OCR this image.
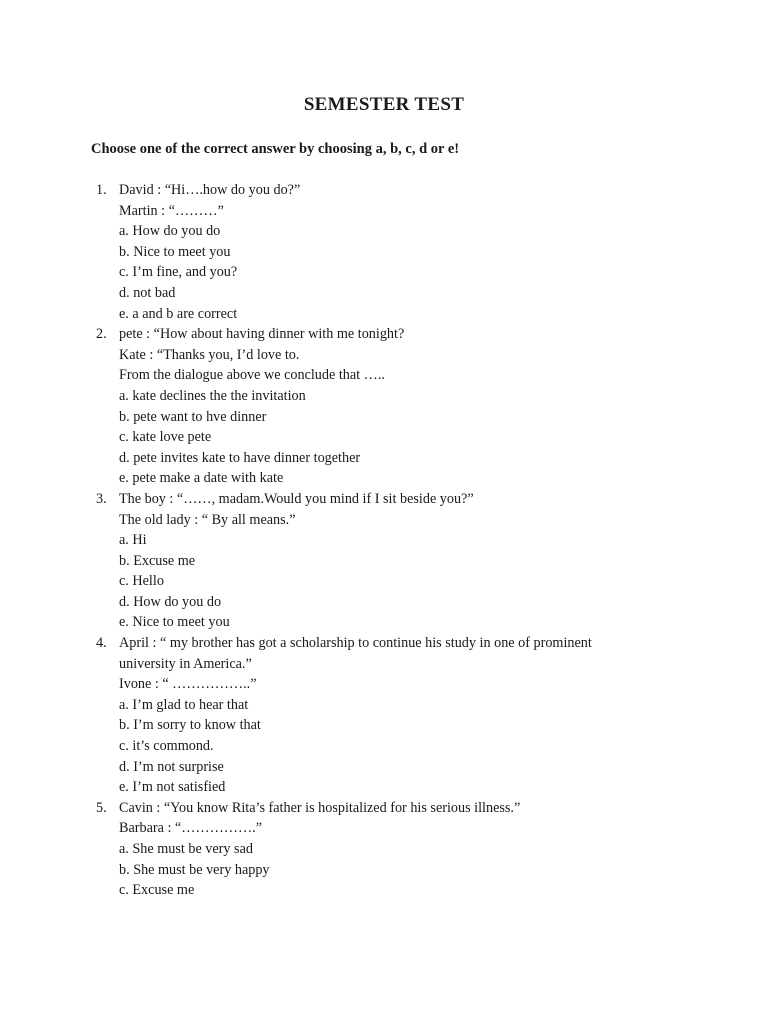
SEMESTER TEST
Choose one of the correct answer by choosing a, b, c, d or e!
1. David : “Hi….how do you do?”
Martin : “………”
a. How do you do
b. Nice to meet you
c. I’m fine, and you?
d. not bad
e. a and b are correct
2. pete : “How about having dinner with me tonight?
Kate : “Thanks you, I’d love to.
From the dialogue above we conclude that …..
a. kate declines the the invitation
b. pete want to hve dinner
c. kate love pete
d. pete invites kate to have dinner together
e. pete make a date with kate
3. The boy : “……, madam.Would you mind if I sit beside you?”
The old lady : “ By all means.”
a. Hi
b. Excuse me
c. Hello
d. How do you do
e. Nice to meet you
4. April : “ my brother has got a scholarship to continue his study in one of prominent
university in America.”
Ivone : “ ……………..”
a. I’m glad to hear that
b. I’m sorry to know that
c. it’s commond.
d. I’m not surprise
e. I’m not satisfied
5. Cavin : “You know Rita’s father is hospitalized for his serious illness.”
Barbara : “…………….”
a. She must be very sad
b. She must be very happy
c. Excuse me
